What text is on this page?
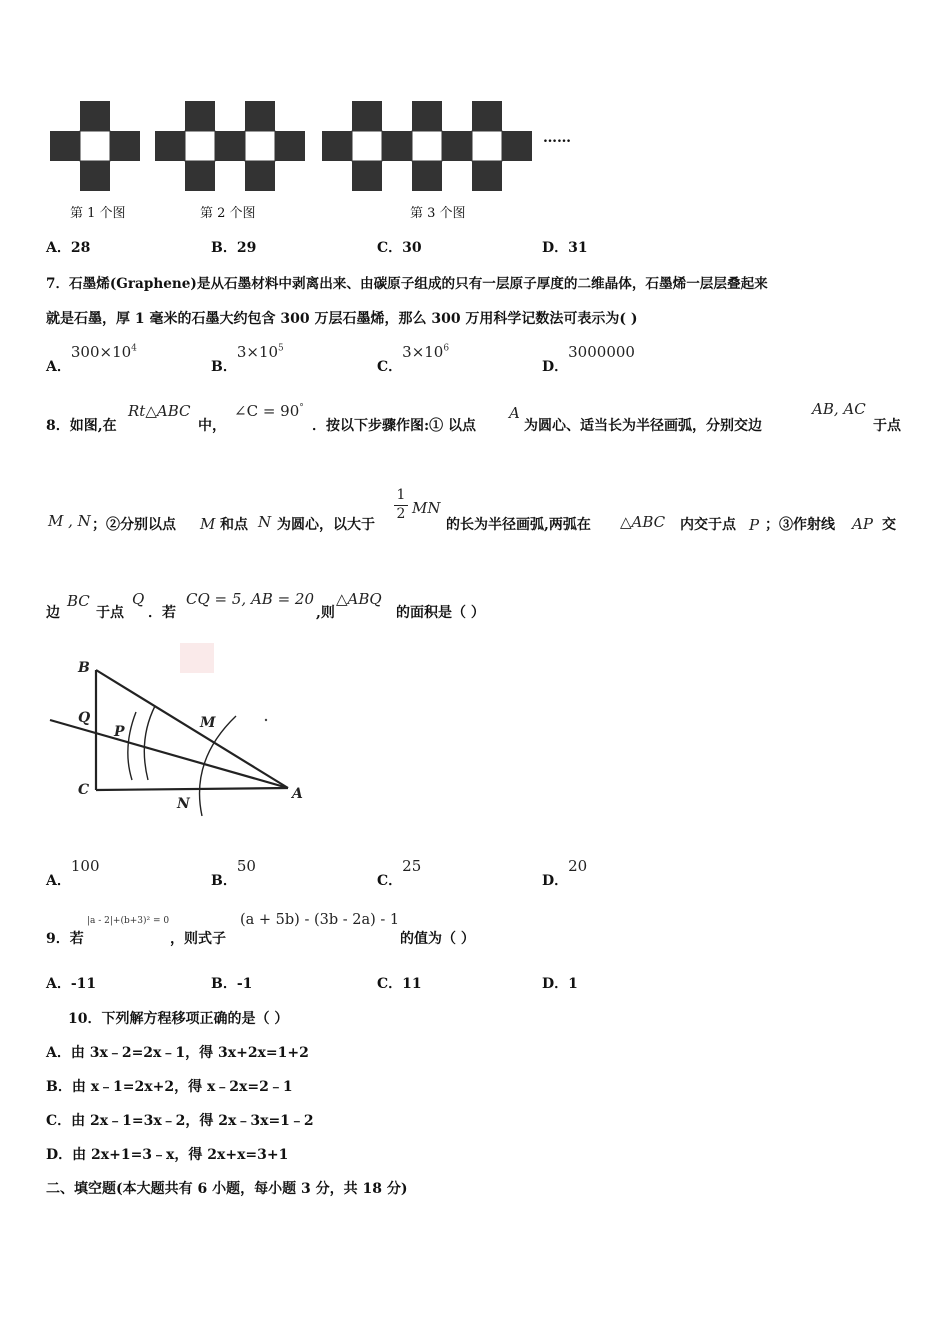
……
第 1 个图	第 2 个图	第 3 个图
A．28	B．29	C．30	D．31
7．石墨烯(Graphene)是从石墨材料中剥离出来、由碳原子组成的只有一层原子厚度的二维晶体，石墨烯一层层叠起来
就是石墨，厚 1 毫米的石墨大约包含 300 万层石墨烯，那么 300 万用科学记数法可表示为( )
A．$300\times 10^4$
B．$3\times 10^5$
C．$3\times 10^6$
D．3000000
8．如图,在
Rt△ABC
中，
∠C = 90°
．按以下步骤作图:① 以点
A
为圆心、适当长为半径画弧，分别交边
AB, AC
于点
M , N ；②分别以点 M 和点 N 为圆心，以大于
1
2 MN
的长为半径画弧,两弧在 △ABC 内交于点 P ；③作射线 AP 交
边
BC
于点
Q
．若
CQ = 5, AB = 20
,则
△ABQ
的面积是（ ）
B
Q
C
P
M
N
A
A．100
B．50
C．25
D．20
9．若
|a - 2|+(b+3)² = 0
，则式子
(a + 5b) - (3b - 2a) - 1
的值为（ ）
A．-11	B．-1	C．11	D．1
10．下列解方程移项正确的是（ ）
A．由 3x﹣2=2x﹣1，得 3x+2x=1+2
B．由 x﹣1=2x+2，得 x﹣2x=2﹣1
C．由 2x﹣1=3x﹣2，得 2x﹣3x=1﹣2
D．由 2x+1=3﹣x，得 2x+x=3+1
二、填空题(本大题共有 6 小题，每小题 3 分，共 18 分)
